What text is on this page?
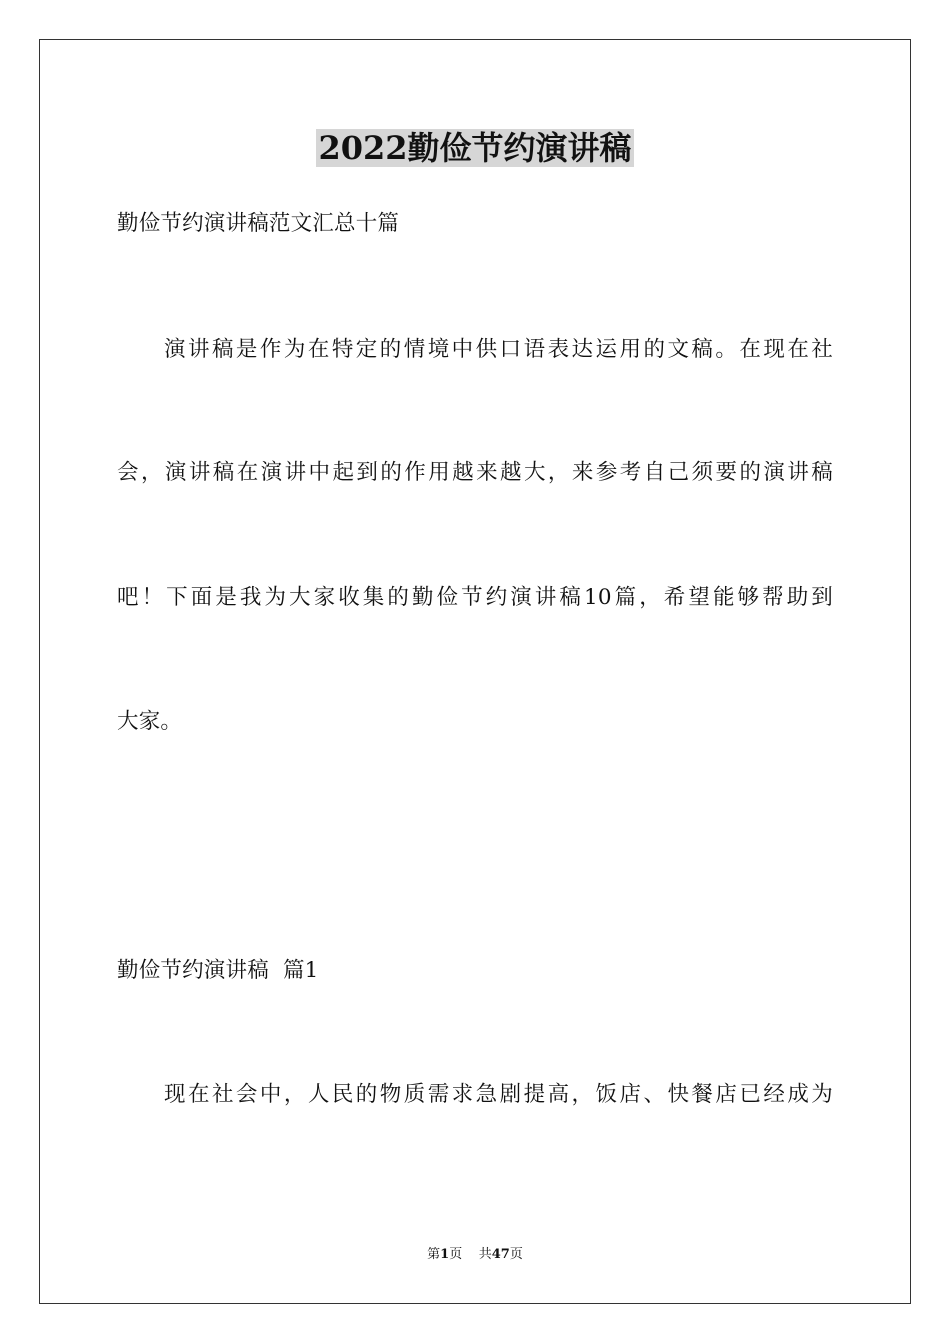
2022勤俭节约演讲稿
勤俭节约演讲稿范文汇总十篇
演讲稿是作为在特定的情境中供口语表达运用的文稿。在现在社
会，演讲稿在演讲中起到的作用越来越大，来参考自己须要的演讲稿
吧！下面是我为大家收集的勤俭节约演讲稿10篇，希望能够帮助到
大家。
勤俭节约演讲稿  篇1
现在社会中，人民的物质需求急剧提高，饭店、快餐店已经成为
第1页 共47页
